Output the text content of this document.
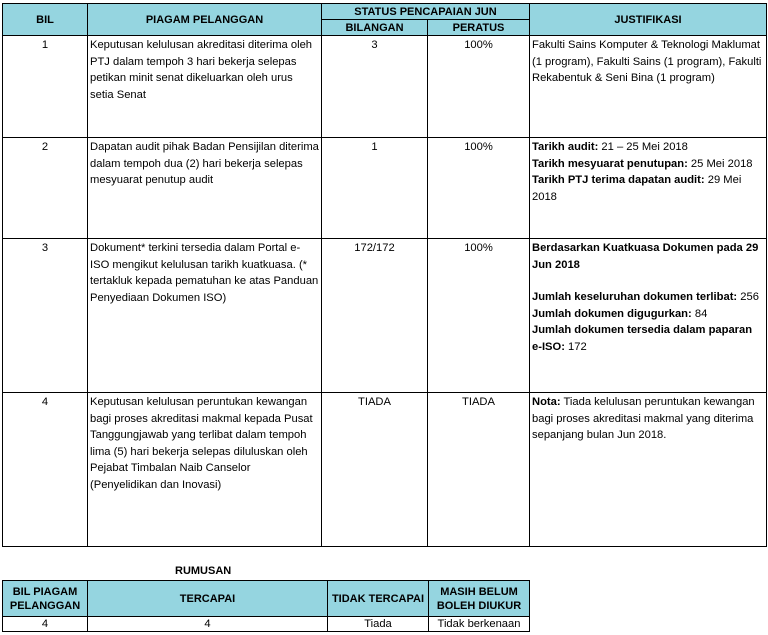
BIL	PIAGAM PELANGGAN	STATUS PENCAPAIAN JUN		JUSTIFIKASI
		BILANGAN	PERATUS	
1	Keputusan kelulusan akreditasi diterima oleh PTJ dalam tempoh 3 hari bekerja selepas petikan minit senat dikeluarkan oleh urus setia Senat	3	100%	Fakulti Sains Komputer & Teknologi Maklumat (1 program), Fakulti Sains (1 program), Fakulti Rekabentuk & Seni Bina (1 program)
2	Dapatan audit pihak Badan Pensijilan diterima dalam tempoh dua (2) hari bekerja selepas mesyuarat penutup audit	1	100%	Tarikh audit: 21 – 25 Mei 2018
Tarikh mesyuarat penutupan: 25 Mei 2018
Tarikh PTJ terima dapatan audit: 29 Mei 2018

3	Dokument* terkini tersedia dalam Portal e-ISO mengikut kelulusan tarikh kuatkuasa. (* tertakluk kepada pematuhan ke atas Panduan Penyediaan Dokumen ISO)	172/172	100%	Berdasarkan Kuatkuasa Dokumen pada 29 Jun 2018
Jumlah keseluruhan dokumen terlibat: 256
Jumlah dokumen digugurkan: 84
Jumlah dokumen tersedia dalam paparan e-ISO: 172

4	Keputusan kelulusan peruntukan kewangan bagi proses akreditasi makmal kepada Pusat Tanggungjawab yang terlibat dalam tempoh lima (5) hari bekerja selepas diluluskan oleh Pejabat Timbalan Naib Canselor (Penyelidikan dan Inovasi)	TIADA	TIADA	Nota: Tiada kelulusan peruntukan kewangan bagi proses akreditasi makmal yang diterima sepanjang bulan Jun 2018.
RUMUSAN
BIL PIAGAM PELANGGAN	TERCAPAI	TIDAK TERCAPAI	MASIH BELUM BOLEH DIUKUR
4	4	Tiada	Tidak berkenaan
